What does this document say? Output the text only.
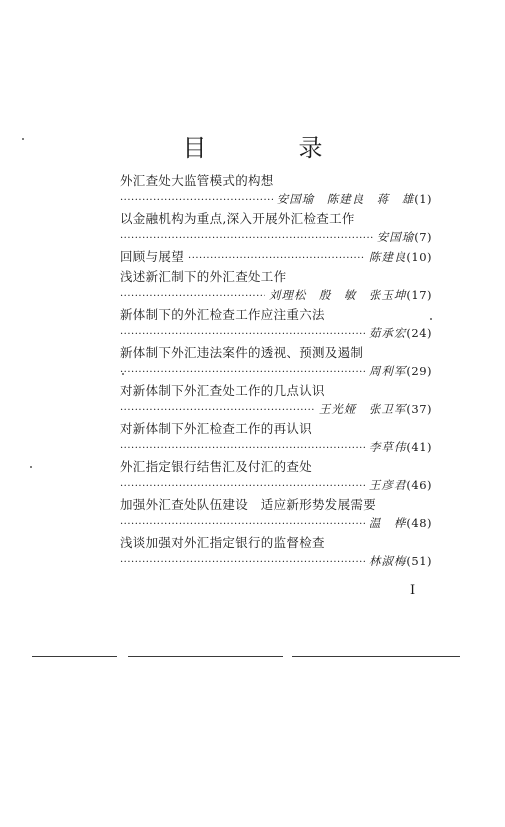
目　录
外汇查处大监管模式的构想
·····
安国瑜　陈建良　蒋　雄 (1)
以金融机构为重点,深入开展外汇检查工作
·····
安国瑜 (7)
回顾与展望
·····	陈建良 (10)
浅述新汇制下的外汇查处工作
·····
刘理松　殷　敏　张玉坤 (17)
新体制下的外汇检查工作应注重六法
·····
茹承宏 (24)
新体制下外汇违法案件的透视、预测及遏制
·····
周利军 (29)
对新体制下外汇查处工作的几点认识
·····
王光娅　张卫军 (37)
对新体制下外汇检查工作的再认识
·····
李草伟 (41)
外汇指定银行结售汇及付汇的查处
·····
王彦君 (46)
加强外汇查处队伍建设　适应新形势发展需要
·····
温　桦 (48)
浅谈加强对外汇指定银行的监督检查
·····
林淑梅 (51)
I
